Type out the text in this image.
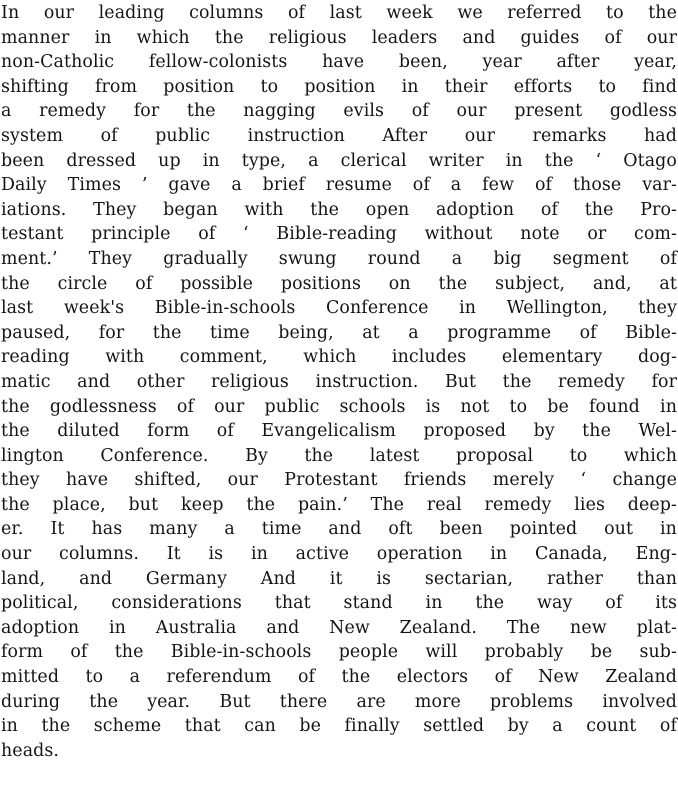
In our leading columns of last week we referred to the
manner in which the religious leaders and guides of our
non-Catholic fellow-colonists have been, year after year,
shifting from position to position in their efforts to find
a remedy for the nagging evils of our present godless
system of public instruction After our remarks had
been dressed up in type, a clerical writer in the ‘ Otago
Daily Times ’ gave a brief resume of a few of those var-
iations. They began with the open adoption of the Pro-
testant principle of ‘ Bible-reading without note or com-
ment.’ They gradually swung round a big segment of
the circle of possible positions on the subject, and, at
last week's Bible-in-schools Conference in Wellington, they
paused, for the time being, at a programme of Bible-
reading with comment, which includes elementary dog-
matic and other religious instruction. But the remedy for
the godlessness of our public schools is not to be found in
the diluted form of Evangelicalism proposed by the Wel-
lington Conference. By the latest proposal to which
they have shifted, our Protestant friends merely ‘ change
the place, but keep the pain.’ The real remedy lies deep-
er. It has many a time and oft been pointed out in
our columns. It is in active operation in Canada, Eng-
land, and Germany And it is sectarian, rather than
political, considerations that stand in the way of its
adoption in Australia and New Zealand. The new plat-
form of the Bible-in-schools people will probably be sub-
mitted to a referendum of the electors of New Zealand
during the year. But there are more problems involved
in the scheme that can be finally settled by a count of
heads.
